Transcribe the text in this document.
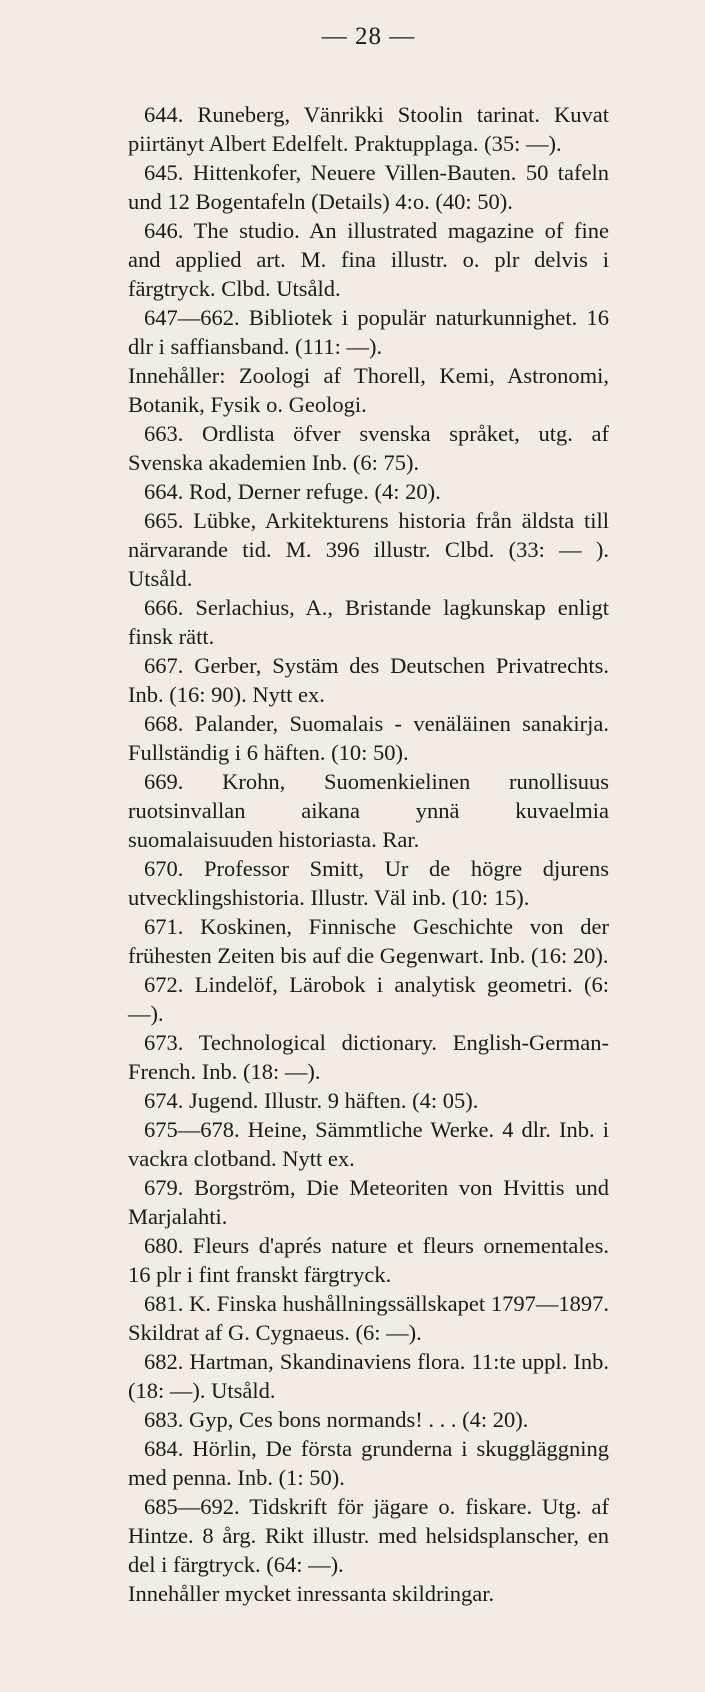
— 28 —

644. Runeberg, Vänrikki Stoolin tarinat. Kuvat piirtänyt Albert Edelfelt. Praktupplaga. (35: —).

645. Hittenkofer, Neuere Villen-Bauten. 50 tafeln und 12 Bogentafeln (Details) 4:o. (40: 50).

646. The studio. An illustrated magazine of fine and applied art. M. fina illustr. o. plr delvis i färgtryck. Clbd. Utsåld.

647—662. Bibliotek i populär naturkunnighet. 16 dlr i saffiansband. (111: —).

Innehåller: Zoologi af Thorell, Kemi, Astronomi, Botanik, Fysik o. Geologi.

663. Ordlista öfver svenska språket, utg. af Svenska akademien Inb. (6: 75).

664. Rod, Derner refuge. (4: 20).

665. Lübke, Arkitekturens historia från äldsta till närvarande tid. M. 396 illustr. Clbd. (33: — ). Utsåld.

666. Serlachius, A., Bristande lagkunskap enligt finsk rätt.

667. Gerber, Systäm des Deutschen Privatrechts. Inb. (16: 90). Nytt ex.

668. Palander, Suomalais - venäläinen sanakirja. Fullständig i 6 häften. (10: 50).

669. Krohn, Suomenkielinen runollisuus ruotsinvallan aikana ynnä kuvaelmia suomalaisuuden historiasta. Rar.

670. Professor Smitt, Ur de högre djurens utvecklingshistoria. Illustr. Väl inb. (10: 15).

671. Koskinen, Finnische Geschichte von der frühesten Zeiten bis auf die Gegenwart. Inb. (16: 20).

672. Lindelöf, Lärobok i analytisk geometri. (6: —).

673. Technological dictionary. English-German-French. Inb. (18: —).

674. Jugend. Illustr. 9 häften. (4: 05).

675—678. Heine, Sämmtliche Werke. 4 dlr. Inb. i vackra clotband. Nytt ex.

679. Borgström, Die Meteoriten von Hvittis und Marjalahti.

680. Fleurs d'aprés nature et fleurs ornementales. 16 plr i fint franskt färgtryck.

681. K. Finska hushållningssällskapet 1797—1897. Skildrat af G. Cygnaeus. (6: —).

682. Hartman, Skandinaviens flora. 11:te uppl. Inb. (18: —). Utsåld.

683. Gyp, Ces bons normands! . . . (4: 20).

684. Hörlin, De första grunderna i skuggläggning med penna. Inb. (1: 50).

685—692. Tidskrift för jägare o. fiskare. Utg. af Hintze. 8 årg. Rikt illustr. med helsidsplanscher, en del i färgtryck. (64: —).

Innehåller mycket inressanta skildringar.
